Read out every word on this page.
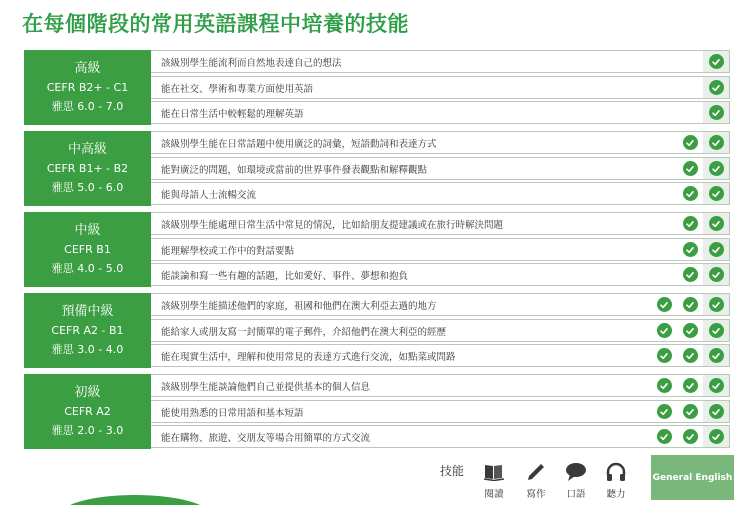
在每個階段的常用英語課程中培養的技能
高級
CEFR B2+ - C1
雅思 6.0 - 7.0
該級別學生能流利而自然地表達自己的想法
能在社交、學術和專業方面使用英語
能在日常生活中較輕鬆的理解英語
中高級
CEFR B1+ - B2
雅思 5.0 - 6.0
該級別學生能在日常話題中使用廣泛的詞彙，短語動詞和表達方式
能對廣泛的問題，如環境或當前的世界事件發表觀點和解釋觀點
能與母語人士流暢交流
中級
CEFR B1
雅思 4.0 - 5.0
該級別學生能處理日常生活中常見的情況，比如給朋友提建議或在旅行時解決問題
能理解學校或工作中的對話要點
能談論和寫一些有趣的話題，比如愛好、事件、夢想和抱負
預備中級
CEFR A2 - B1
雅思 3.0 - 4.0
該級別學生能描述他們的家庭，祖國和他們在澳大利亞去過的地方
能給家人或朋友寫一封簡單的電子郵件，介紹他們在澳大利亞的經歷
能在現實生活中，理解和使用常見的表達方式進行交流，如點菜或問路
初級
CEFR A2
雅思 2.0 - 3.0
該級別學生能談論他們自己並提供基本的個人信息
能使用熟悉的日常用語和基本短語
能在購物、旅遊、交朋友等場合用簡單的方式交流
技能
閱讀	寫作	口語	聽力
General English
